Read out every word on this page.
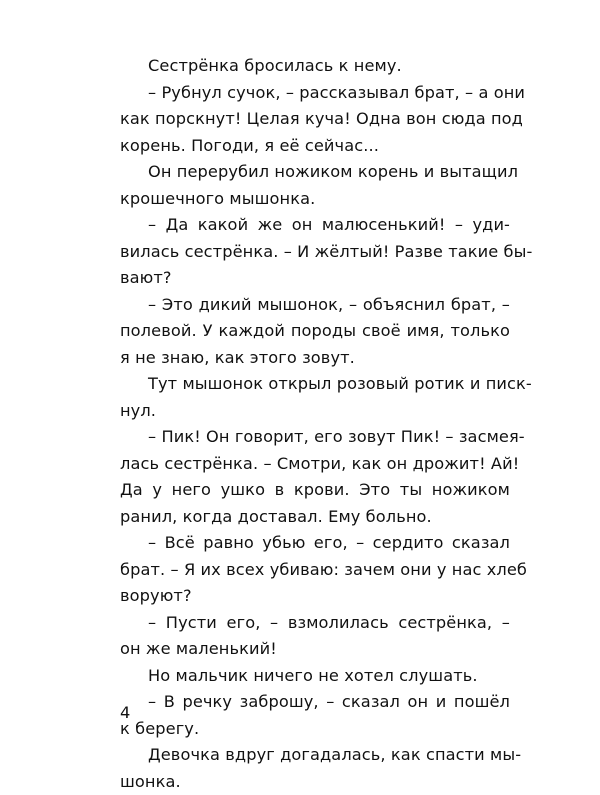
Сестрёнка бросилась к нему.
– Рубнул сучок, – рассказывал брат, – а они
как порскнут! Целая куча! Одна вон сюда под
корень. Погоди, я её сейчас...
Он перерубил ножиком корень и вытащил
крошечного мышонка.
– Да какой же он малюсенький! – уди-
вилась сестрёнка. – И жёлтый! Разве такие бы-
вают?
– Это дикий мышонок, – объяснил брат, –
полевой. У каждой породы своё имя, только
я не знаю, как этого зовут.
Тут мышонок открыл розовый ротик и писк-
нул.
– Пик! Он говорит, его зовут Пик! – засмея-
лась сестрёнка. – Смотри, как он дрожит! Ай!
Да у него ушко в крови. Это ты ножиком
ранил, когда доставал. Ему больно.
– Всё равно убью его, – сердито сказал
брат. – Я их всех убиваю: зачем они у нас хлеб
воруют?
– Пусти его, – взмолилась сестрёнка, –
он же маленький!
Но мальчик ничего не хотел слушать.
– В речку заброшу, – сказал он и пошёл
к берегу.
Девочка вдруг догадалась, как спасти мы-
шонка.
4
